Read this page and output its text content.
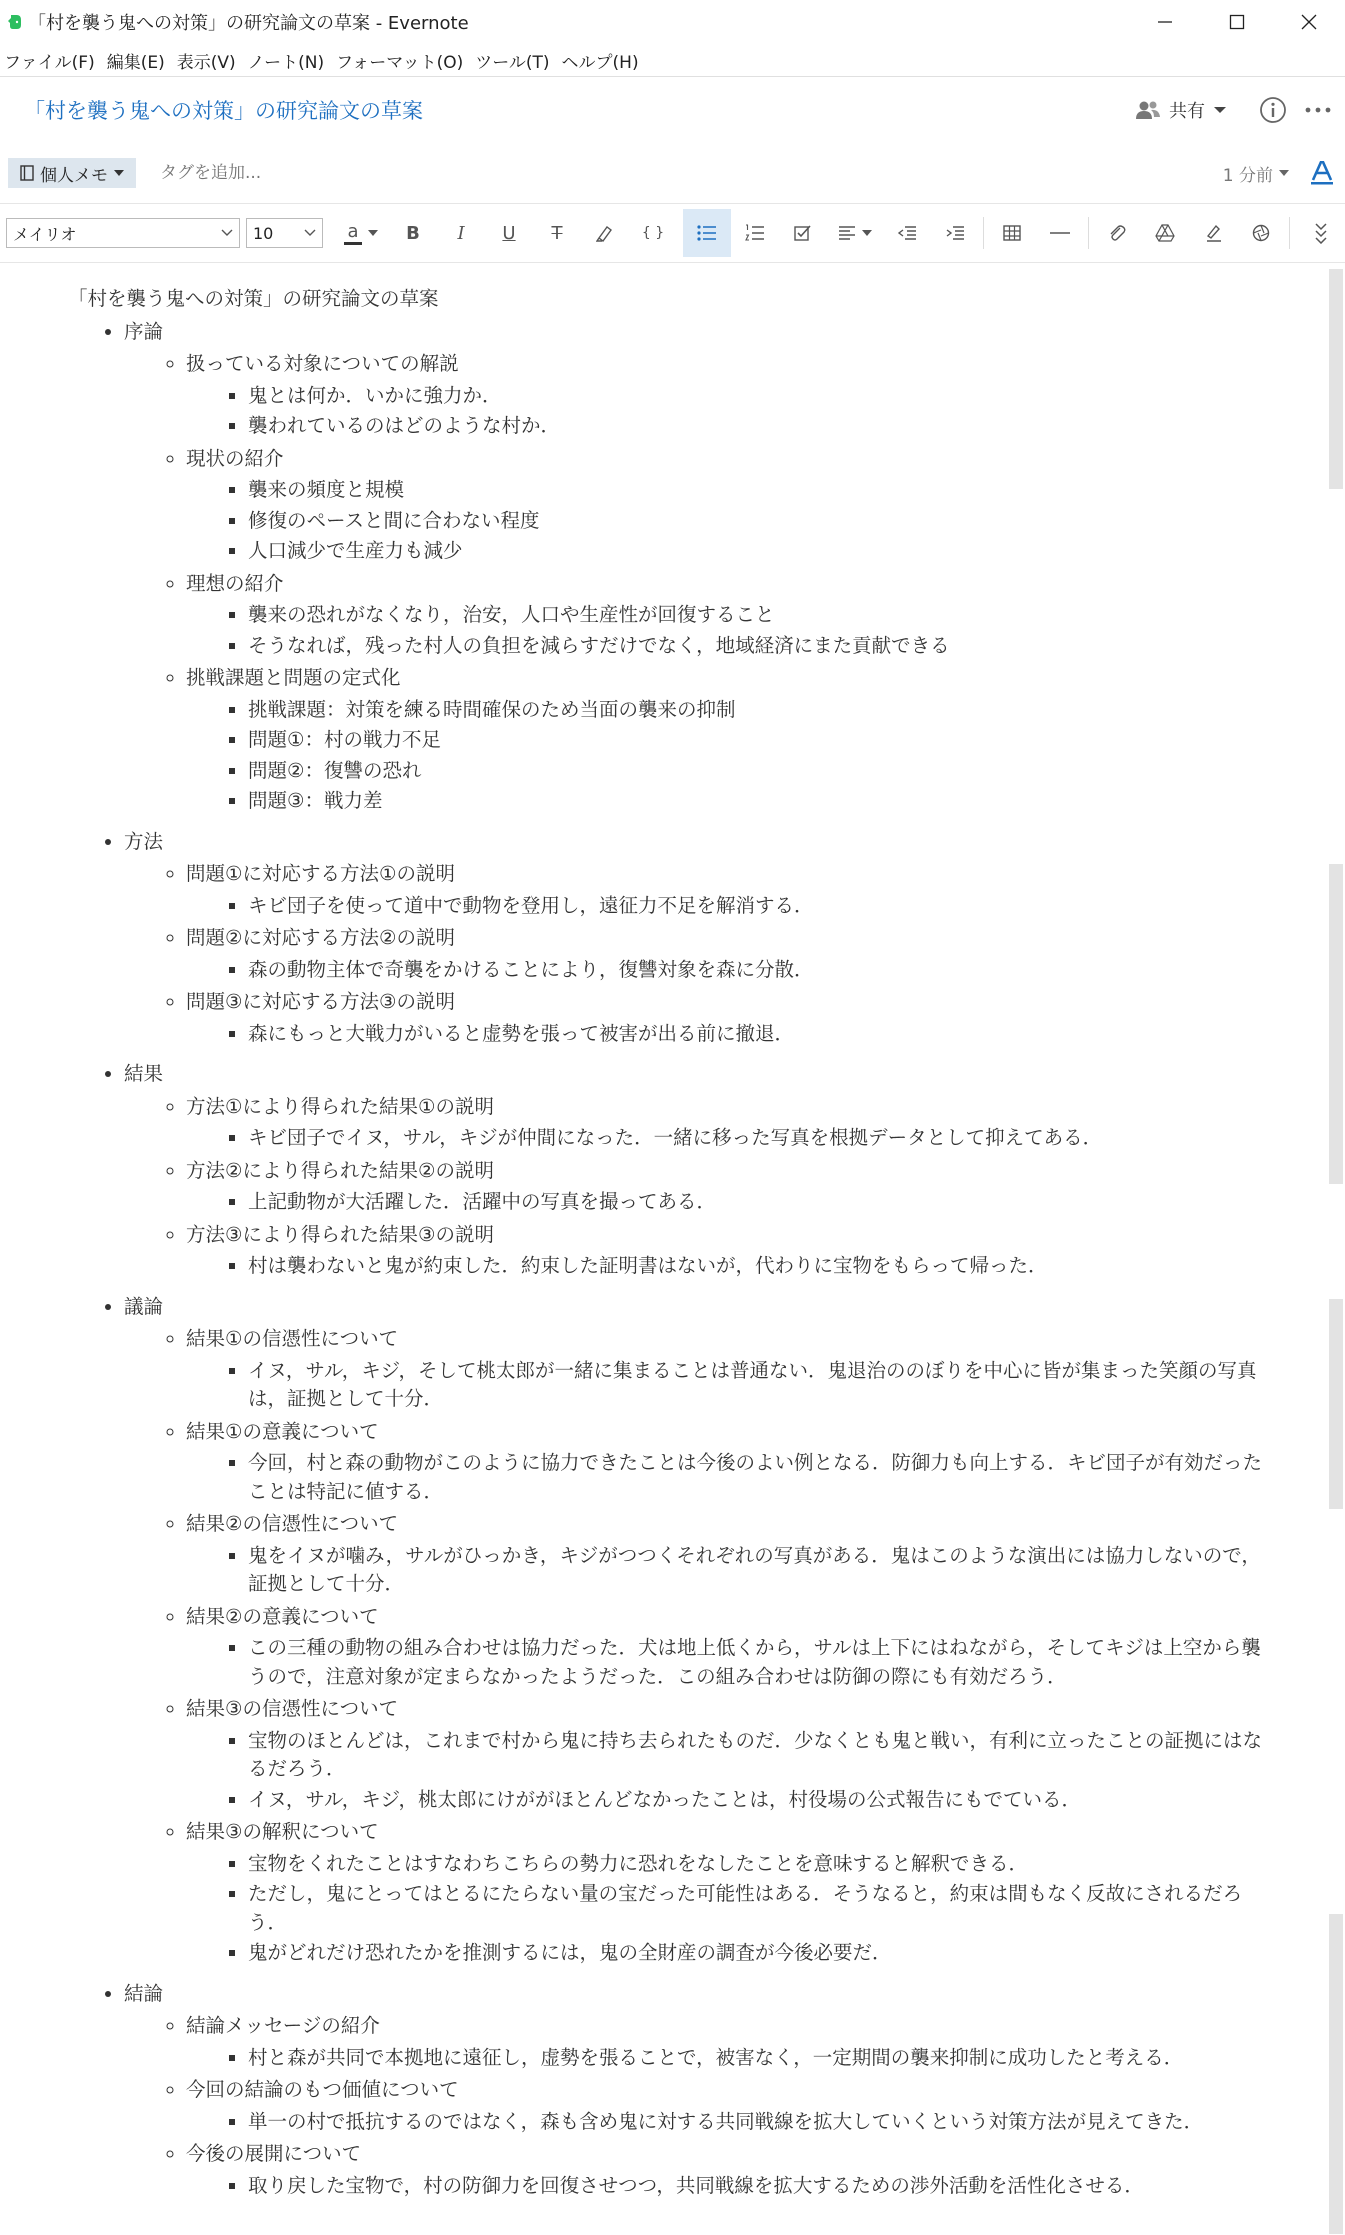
「村を襲う鬼への対策」の研究論文の草案 - Evernote
ファイル(F) 編集(E) 表示(V) ノート(N) フォーマット(O) ツール(T) ヘルプ(H)
「村を襲う鬼への対策」の研究論文の草案	共有
個人メモ
タグを追加...	1 分前
メイリオ	10	a	B I U T	{ }
「村を襲う鬼への対策」の研究論文の草案
• 序論
◦ 扱っている対象についての解説
▪ 鬼とは何か．いかに強力か．
▪ 襲われているのはどのような村か．
◦ 現状の紹介
▪ 襲来の頻度と規模
▪ 修復のペースと間に合わない程度
▪ 人口減少で生産力も減少
◦ 理想の紹介
▪ 襲来の恐れがなくなり，治安，人口や生産性が回復すること
▪ そうなれば，残った村人の負担を減らすだけでなく，地域経済にまた貢献できる
◦ 挑戦課題と問題の定式化
▪ 挑戦課題：対策を練る時間確保のため当面の襲来の抑制
▪ 問題①：村の戦力不足
▪ 問題②：復讐の恐れ
▪ 問題③：戦力差
• 方法
◦ 問題①に対応する方法①の説明
▪ キビ団子を使って道中で動物を登用し，遠征力不足を解消する．
◦ 問題②に対応する方法②の説明
▪ 森の動物主体で奇襲をかけることにより，復讐対象を森に分散．
◦ 問題③に対応する方法③の説明
▪ 森にもっと大戦力がいると虚勢を張って被害が出る前に撤退．
• 結果
◦ 方法①により得られた結果①の説明
▪ キビ団子でイヌ，サル，キジが仲間になった．一緒に移った写真を根拠データとして抑えてある．
◦ 方法②により得られた結果②の説明
▪ 上記動物が大活躍した．活躍中の写真を撮ってある．
◦ 方法③により得られた結果③の説明
▪ 村は襲わないと鬼が約束した．約束した証明書はないが，代わりに宝物をもらって帰った．
• 議論
◦ 結果①の信憑性について
▪ イヌ，サル，キジ，そして桃太郎が一緒に集まることは普通ない．鬼退治ののぼりを中心に皆が集まった笑顔の写真は，証拠として十分．
◦ 結果①の意義について
▪ 今回，村と森の動物がこのように協力できたことは今後のよい例となる．防御力も向上する．キビ団子が有効だったことは特記に値する．
◦ 結果②の信憑性について
▪ 鬼をイヌが噛み，サルがひっかき，キジがつつくそれぞれの写真がある．鬼はこのような演出には協力しないので，証拠として十分．
◦ 結果②の意義について
▪ この三種の動物の組み合わせは協力だった．犬は地上低くから，サルは上下にはねながら，そしてキジは上空から襲うので，注意対象が定まらなかったようだった．この組み合わせは防御の際にも有効だろう．
◦ 結果③の信憑性について
▪ 宝物のほとんどは，これまで村から鬼に持ち去られたものだ．少なくとも鬼と戦い，有利に立ったことの証拠にはなるだろう．
▪ イヌ，サル，キジ，桃太郎にけががほとんどなかったことは，村役場の公式報告にもでている．
◦ 結果③の解釈について
▪ 宝物をくれたことはすなわちこちらの勢力に恐れをなしたことを意味すると解釈できる．
▪ ただし，鬼にとってはとるにたらない量の宝だった可能性はある．そうなると，約束は間もなく反故にされるだろう．
▪ 鬼がどれだけ恐れたかを推測するには，鬼の全財産の調査が今後必要だ．
• 結論
◦ 結論メッセージの紹介
▪ 村と森が共同で本拠地に遠征し，虚勢を張ることで，被害なく，一定期間の襲来抑制に成功したと考える．
◦ 今回の結論のもつ価値について
▪ 単一の村で抵抗するのではなく，森も含め鬼に対する共同戦線を拡大していくという対策方法が見えてきた．
◦ 今後の展開について
▪ 取り戻した宝物で，村の防御力を回復させつつ，共同戦線を拡大するための渉外活動を活性化させる．
